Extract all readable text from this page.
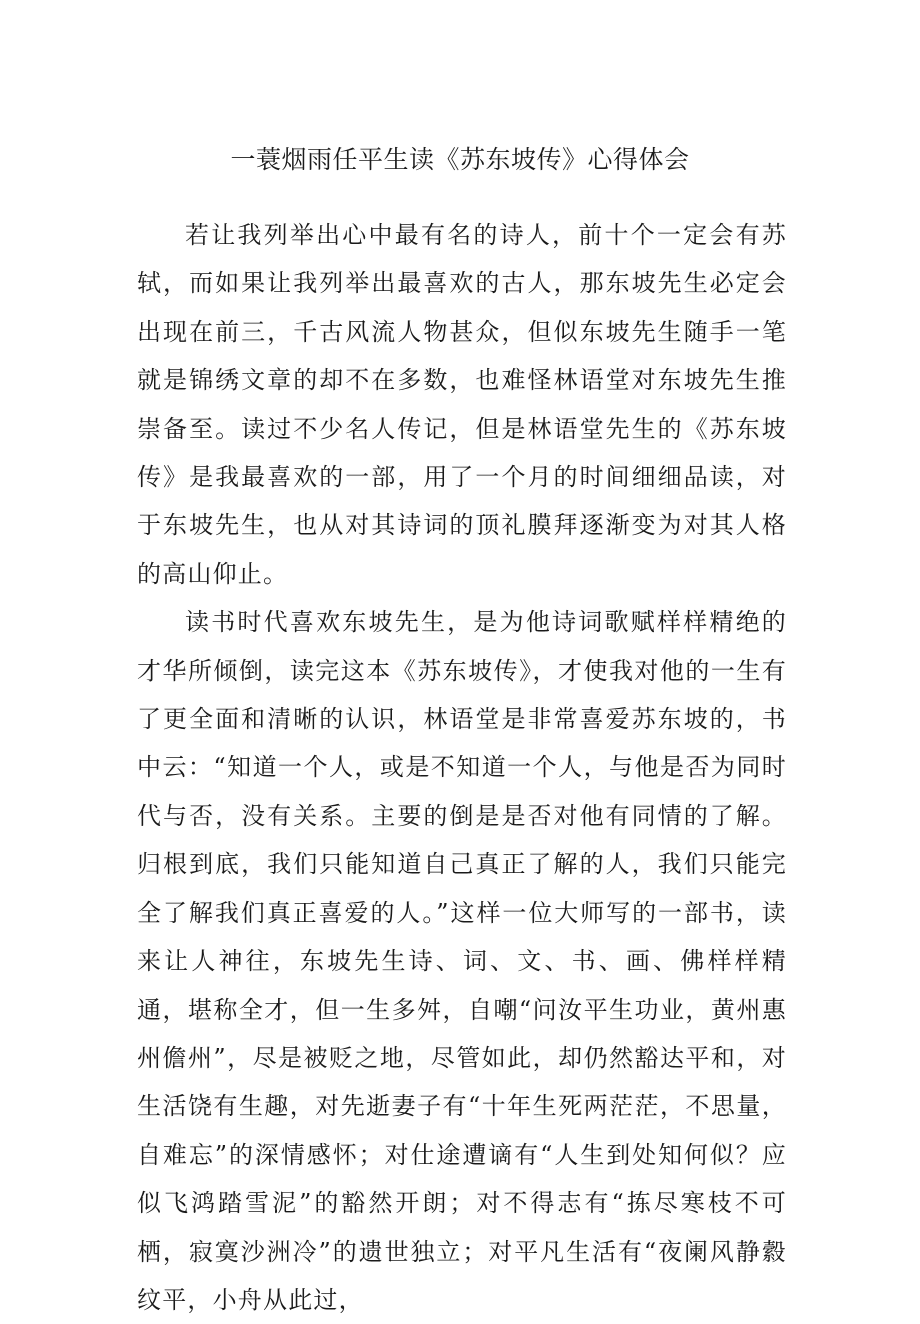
一蓑烟雨任平生读《苏东坡传》心得体会

若让我列举出心中最有名的诗人，前十个一定会有苏轼，而如果让我列举出最喜欢的古人，那东坡先生必定会出现在前三，千古风流人物甚众，但似东坡先生随手一笔就是锦绣文章的却不在多数，也难怪林语堂对东坡先生推崇备至。读过不少名人传记，但是林语堂先生的《苏东坡传》是我最喜欢的一部，用了一个月的时间细细品读，对于东坡先生，也从对其诗词的顶礼膜拜逐渐变为对其人格的高山仰止。

读书时代喜欢东坡先生，是为他诗词歌赋样样精绝的才华所倾倒，读完这本《苏东坡传》，才使我对他的一生有了更全面和清晰的认识，林语堂是非常喜爱苏东坡的，书中云：“知道一个人，或是不知道一个人，与他是否为同时代与否，没有关系。主要的倒是是否对他有同情的了解。归根到底，我们只能知道自己真正了解的人，我们只能完全了解我们真正喜爱的人。”这样一位大师写的一部书，读来让人神往，东坡先生诗、词、文、书、画、佛样样精通，堪称全才，但一生多舛，自嘲“问汝平生功业，黄州惠州儋州”，尽是被贬之地，尽管如此，却仍然豁达平和，对生活饶有生趣，对先逝妻子有“十年生死两茫茫，不思量，自难忘”的深情感怀；对仕途遭谪有“人生到处知何似？应似飞鸿踏雪泥”的豁然开朗；对不得志有“拣尽寒枝不可栖，寂寞沙洲冷”的遗世独立；对平凡生活有“夜阑风静縠纹平，小舟从此过，
